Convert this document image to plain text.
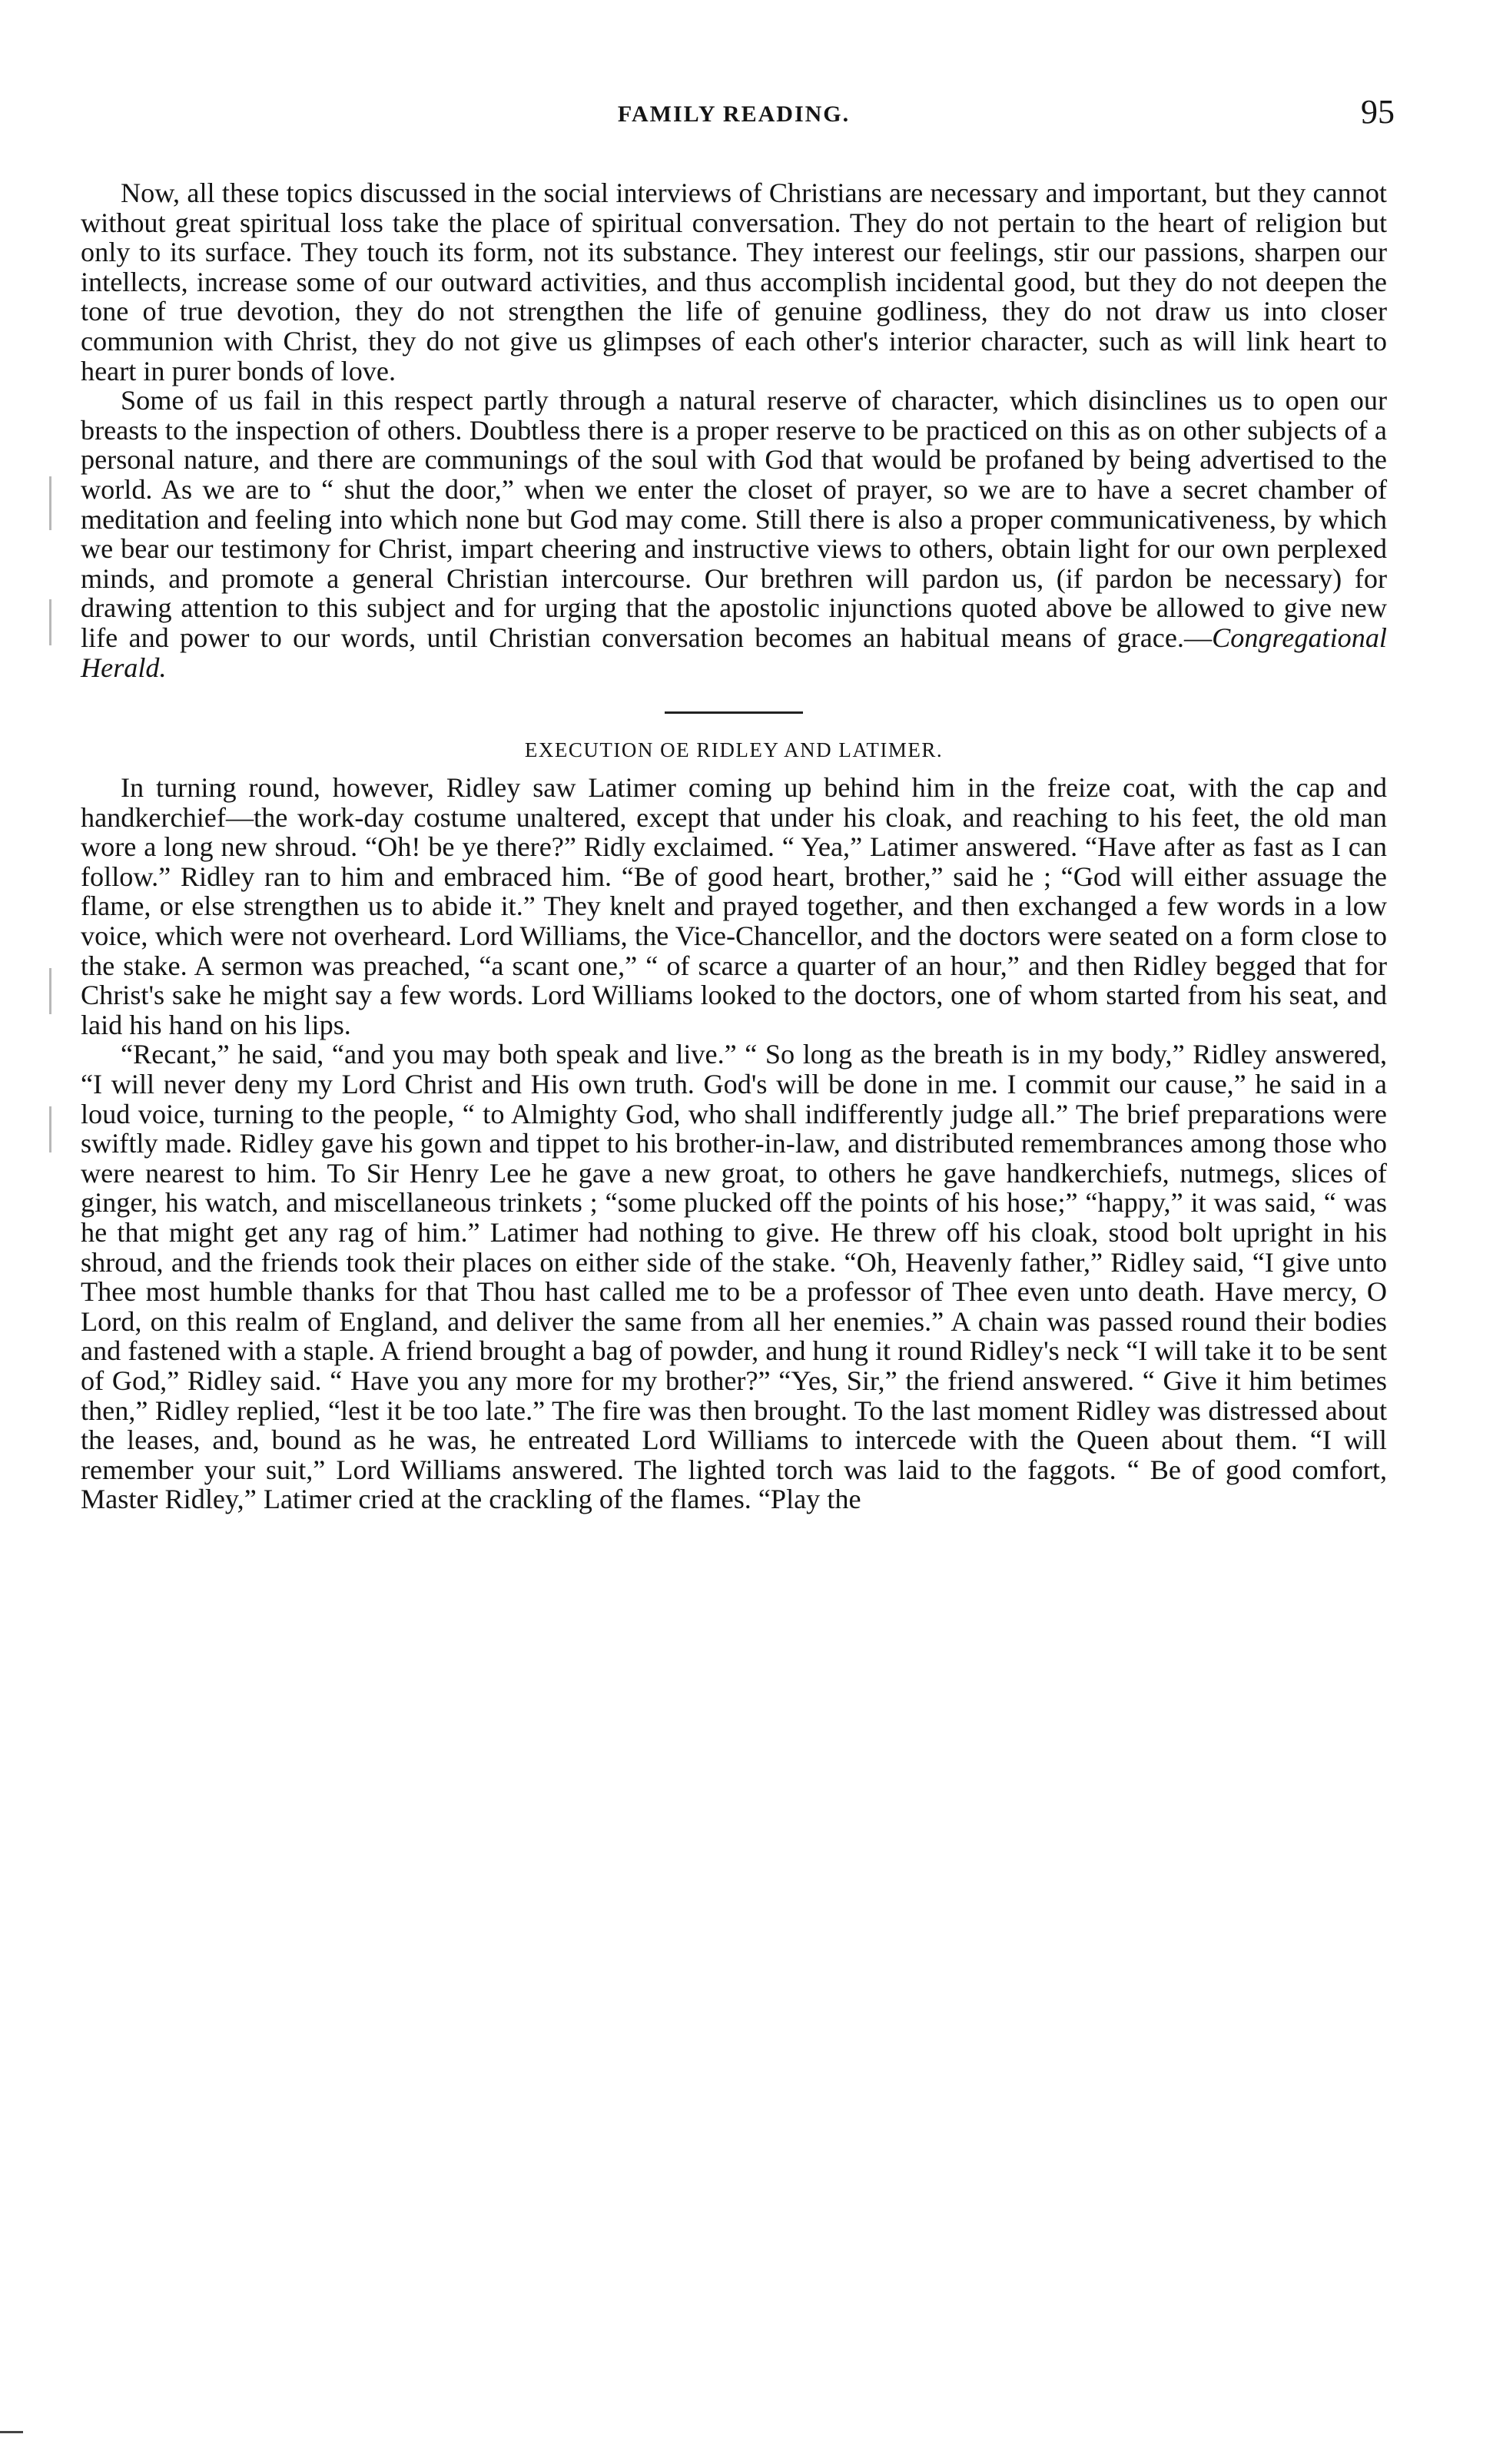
FAMILY READING.	95

Now, all these topics discussed in the social interviews of Christians are necessary and important, but they cannot without great spiritual loss take the place of spiritual conversation. They do not pertain to the heart of religion but only to its surface. They touch its form, not its substance. They interest our feelings, stir our passions, sharpen our intellects, increase some of our outward activities, and thus accomplish incidental good, but they do not deepen the tone of true devotion, they do not strengthen the life of genuine godliness, they do not draw us into closer communion with Christ, they do not give us glimpses of each other's interior character, such as will link heart to heart in purer bonds of love.

Some of us fail in this respect partly through a natural reserve of character, which disinclines us to open our breasts to the inspection of others. Doubtless there is a proper reserve to be practiced on this as on other subjects of a personal nature, and there are communings of the soul with God that would be profaned by being advertised to the world. As we are to “ shut the door,” when we enter the closet of prayer, so we are to have a secret chamber of meditation and feeling into which none but God may come. Still there is also a proper communicativeness, by which we bear our testimony for Christ, impart cheering and instructive views to others, obtain light for our own perplexed minds, and promote a general Christian intercourse. Our brethren will pardon us, (if pardon be necessary) for drawing attention to this subject and for urging that the apostolic injunctions quoted above be allowed to give new life and power to our words, until Christian conversation becomes an habitual means of grace.—Congregational Herald.

EXECUTION OE RIDLEY AND LATIMER.

In turning round, however, Ridley saw Latimer coming up behind him in the freize coat, with the cap and handkerchief—the work-day costume unaltered, except that under his cloak, and reaching to his feet, the old man wore a long new shroud. “Oh! be ye there?” Ridly exclaimed. “ Yea,” Latimer answered. “Have after as fast as I can follow.” Ridley ran to him and embraced him. “Be of good heart, brother,” said he ; “God will either assuage the flame, or else strengthen us to abide it.” They knelt and prayed together, and then exchanged a few words in a low voice, which were not overheard. Lord Williams, the Vice-Chancellor, and the doctors were seated on a form close to the stake. A sermon was preached, “a scant one,” “ of scarce a quarter of an hour,” and then Ridley begged that for Christ's sake he might say a few words. Lord Williams looked to the doctors, one of whom started from his seat, and laid his hand on his lips.

“Recant,” he said, “and you may both speak and live.” “ So long as the breath is in my body,” Ridley answered, “I will never deny my Lord Christ and His own truth. God's will be done in me. I commit our cause,” he said in a loud voice, turning to the people, “ to Almighty God, who shall indifferently judge all.” The brief preparations were swiftly made. Ridley gave his gown and tippet to his brother-in-law, and distributed remembrances among those who were nearest to him. To Sir Henry Lee he gave a new groat, to others he gave handkerchiefs, nutmegs, slices of ginger, his watch, and miscellaneous trinkets ; “some plucked off the points of his hose;” “happy,” it was said, “ was he that might get any rag of him.” Latimer had nothing to give. He threw off his cloak, stood bolt upright in his shroud, and the friends took their places on either side of the stake. “Oh, Heavenly father,” Ridley said, “I give unto Thee most humble thanks for that Thou hast called me to be a professor of Thee even unto death. Have mercy, O Lord, on this realm of England, and deliver the same from all her enemies.” A chain was passed round their bodies and fastened with a staple. A friend brought a bag of powder, and hung it round Ridley's neck “I will take it to be sent of God,” Ridley said. “ Have you any more for my brother?” “Yes, Sir,” the friend answered. “ Give it him betimes then,” Ridley replied, “lest it be too late.” The fire was then brought. To the last moment Ridley was distressed about the leases, and, bound as he was, he entreated Lord Williams to intercede with the Queen about them. “I will remember your suit,” Lord Williams answered. The lighted torch was laid to the faggots. “ Be of good comfort, Master Ridley,” Latimer cried at the crackling of the flames. “Play the
